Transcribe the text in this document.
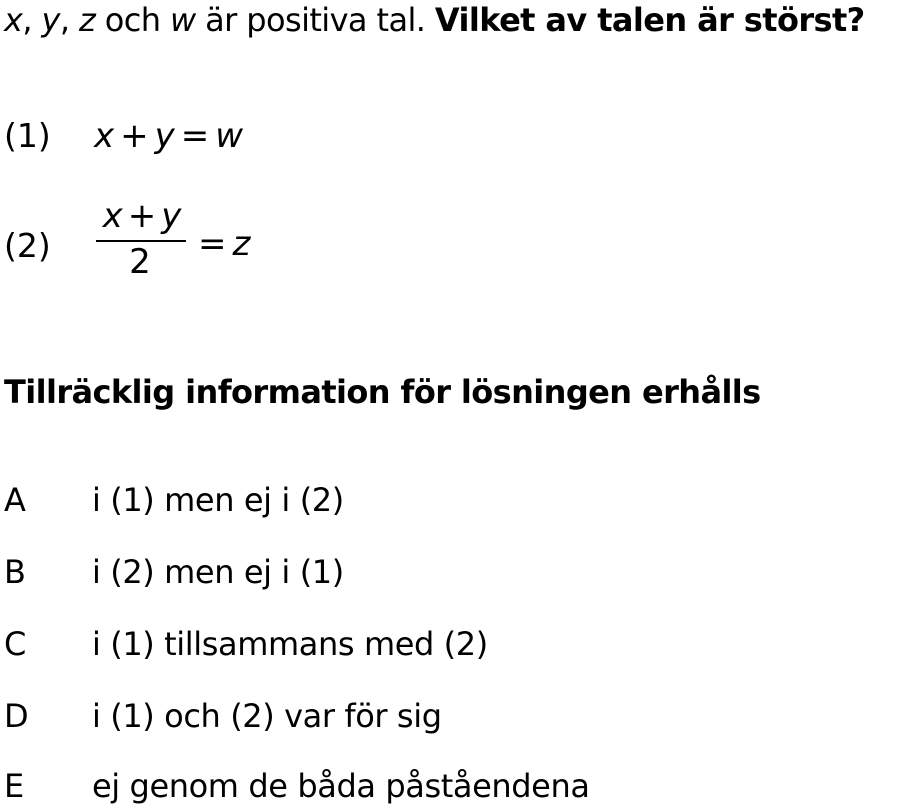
x, y, z och w är positiva tal. Vilket av talen är störst?
(1) x + y = w
(2)
x + y
2	= z
Tillräcklig information för lösningen erhålls
A i (1) men ej i (2)
B i (2) men ej i (1)
C i (1) tillsammans med (2)
D i (1) och (2) var för sig
E ej genom de båda påståendena
